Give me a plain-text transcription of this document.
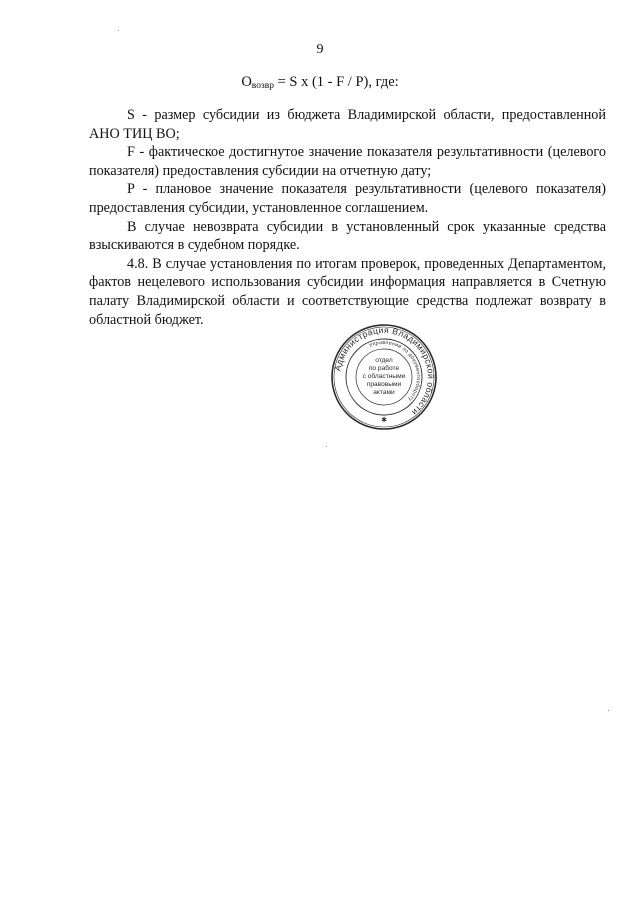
9
$O_{возвр} = S$ x (1 - F / P), где:

S - размер субсидии из бюджета Владимирской области, предоставленной АНО ТИЦ ВО;

F - фактическое достигнутое значение показателя результативности (целевого показателя) предоставления субсидии на отчетную дату;

P - плановое значение показателя результативности (целевого показателя) предоставления субсидии, установленное соглашением.

В случае невозврата субсидии в установленный срок указанные средства взыскиваются в судебном порядке.

4.8. В случае установления по итогам проверок, проведенных Департаментом, фактов нецелевого использования субсидии информация направляется в Счетную палату Владимирской области и соответствующие средства подлежат возврату в областной бюджет.

Администрация Владимирской области
Управление по документообороту
✱
отдел
по работе
с областными
правовыми
актами
